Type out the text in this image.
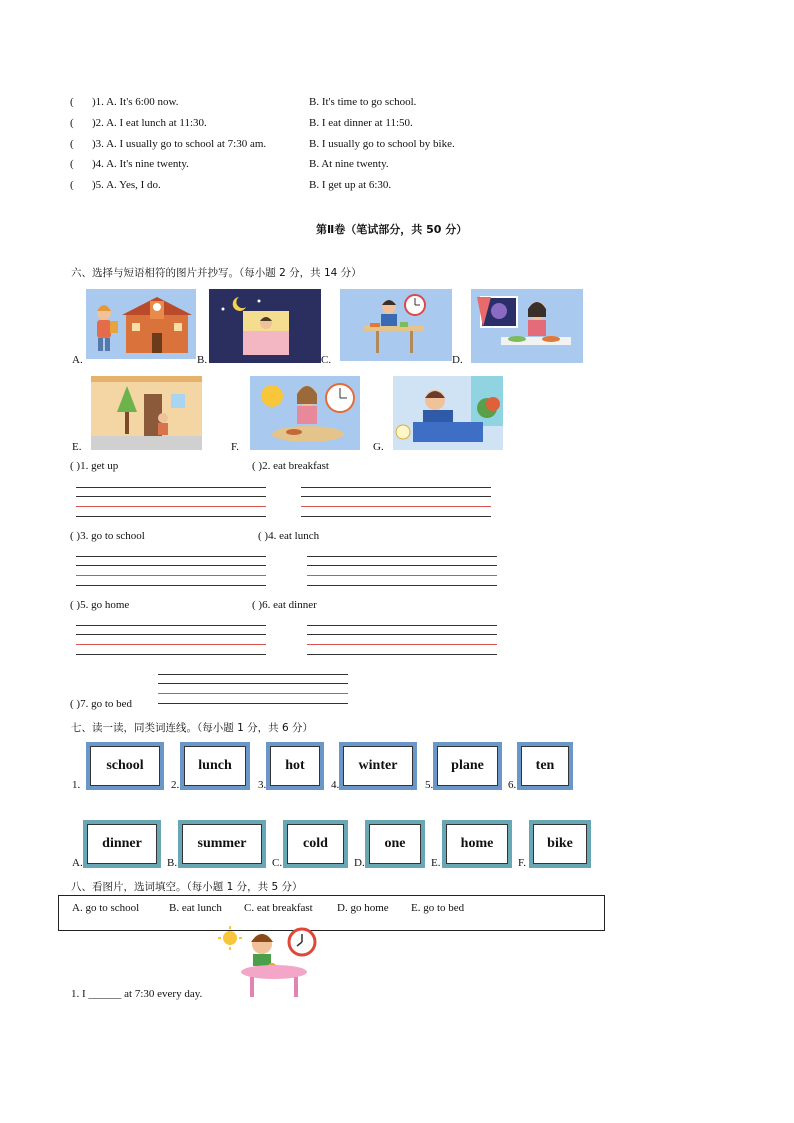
( )1. A. It's 6:00 now.	B. It's time to go school.
( )2. A. I eat lunch at 11:30.	B. I eat dinner at 11:50.
( )3. A. I usually go to school at 7:30 am.	B. I usually go to school by bike.
( )4. A. It's nine twenty.	B. At nine twenty.
( )5. A. Yes, I do.	B. I get up at 6:30.
第Ⅱ卷（笔试部分，共 50 分）
六、选择与短语相符的图片并抄写。（每小题 2 分，共 14 分）
A.	B.	C.	D.
E.	F.	G.
( )1. get up	( )2. eat breakfast
( )3. go to school	( )4. eat lunch
( )5. go home	( )6. eat dinner
( )7. go to bed
七、读一读，同类词连线。（每小题 1 分，共 6 分）
1.
school
2.
lunch
3.
hot
4.
winter
5.
plane
6.
ten
A.
dinner
B.
summer
C.
cold
D.
one
E.
home
F.
bike
八、看图片，选词填空。（每小题 1 分，共 5 分）
A. go to school	B. eat lunch C. eat breakfast D. go home E. go to bed
1. I ______ at 7:30 every day.
